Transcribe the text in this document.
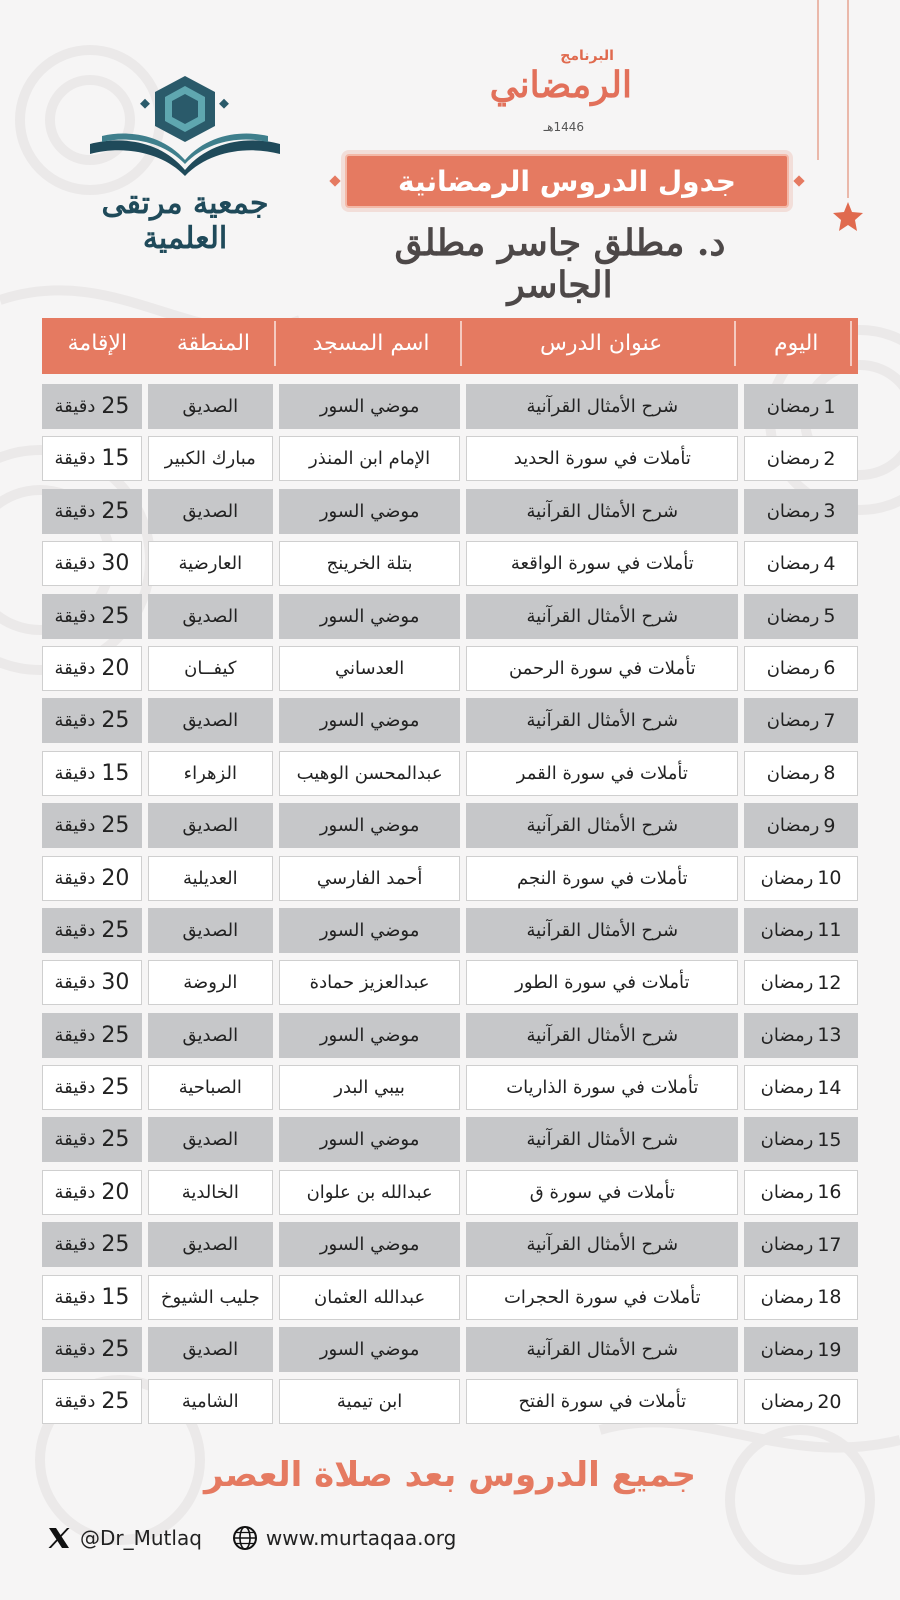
جمعية مرتقى العلمية
البرنامج
الرمضاني
1446هـ
جدول الدروس الرمضانية
د. مطلق جاسر مطلق الجاسر
اليوم
عنوان الدرس
اسم المسجد
المنطقة
الإقامة
1
رمضان
شرح الأمثال القرآنية
موضي السور
الصديق
25
دقيقة
2
رمضان
تأملات في سورة الحديد
الإمام ابن المنذر
مبارك الكبير
15
دقيقة
3
رمضان
شرح الأمثال القرآنية
موضي السور
الصديق
25
دقيقة
4
رمضان
تأملات في سورة الواقعة
بتلة الخرينج
العارضية
30
دقيقة
5
رمضان
شرح الأمثال القرآنية
موضي السور
الصديق
25
دقيقة
6
رمضان
تأملات في سورة الرحمن
العدساني
كيفــان
20
دقيقة
7
رمضان
شرح الأمثال القرآنية
موضي السور
الصديق
25
دقيقة
8
رمضان
تأملات في سورة القمر
عبدالمحسن الوهيب
الزهراء
15
دقيقة
9
رمضان
شرح الأمثال القرآنية
موضي السور
الصديق
25
دقيقة
10
رمضان
تأملات في سورة النجم
أحمد الفارسي
العديلية
20
دقيقة
11
رمضان
شرح الأمثال القرآنية
موضي السور
الصديق
25
دقيقة
12
رمضان
تأملات في سورة الطور
عبدالعزيز حمادة
الروضة
30
دقيقة
13
رمضان
شرح الأمثال القرآنية
موضي السور
الصديق
25
دقيقة
14
رمضان
تأملات في سورة الذاريات
بيبي البدر
الصباحية
25
دقيقة
15
رمضان
شرح الأمثال القرآنية
موضي السور
الصديق
25
دقيقة
16
رمضان
تأملات في سورة ق
عبدالله بن علوان
الخالدية
20
دقيقة
17
رمضان
شرح الأمثال القرآنية
موضي السور
الصديق
25
دقيقة
18
رمضان
تأملات في سورة الحجرات
عبدالله العثمان
جليب الشيوخ
15
دقيقة
19
رمضان
شرح الأمثال القرآنية
موضي السور
الصديق
25
دقيقة
20
رمضان
تأملات في سورة الفتح
ابن تيمية
الشامية
25
دقيقة
جميع الدروس بعد صلاة العصر
@Dr_Mutlaq	www.murtaqaa.org
